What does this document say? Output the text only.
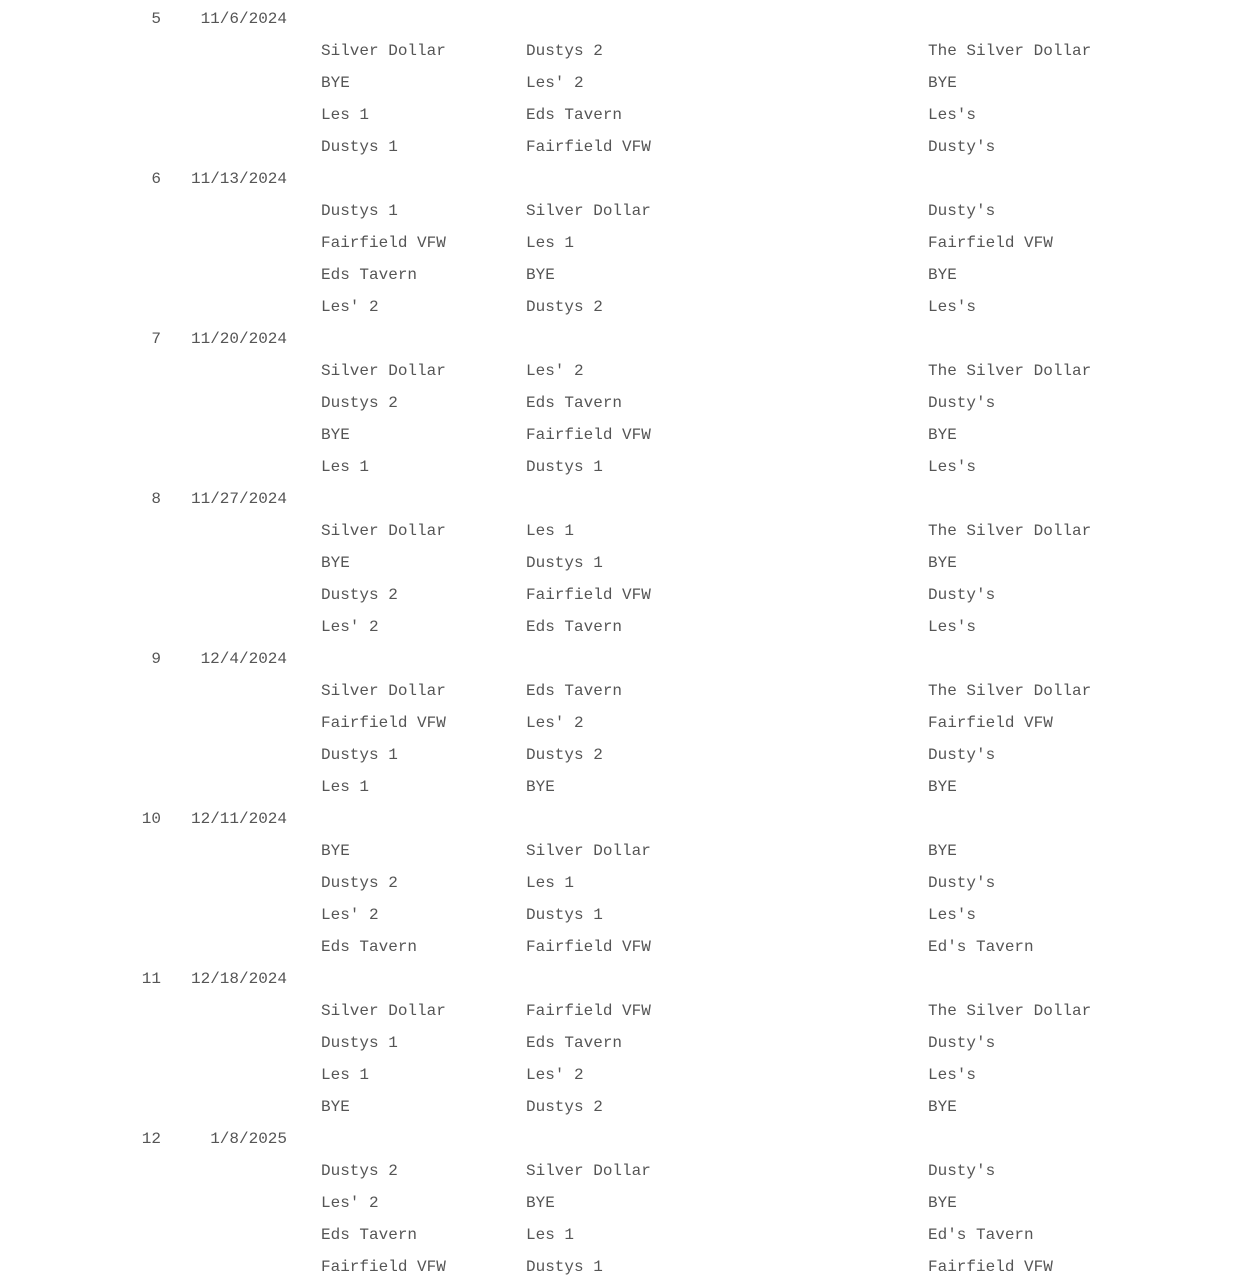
5 11/6/2024
Silver Dollar	Dustys 2	The Silver Dollar
BYE	Les' 2	BYE
Les 1	Eds Tavern	Les's
Dustys 1	Fairfield VFW	Dusty's
6 11/13/2024
Dustys 1	Silver Dollar	Dusty's
Fairfield VFW	Les 1	Fairfield VFW
Eds Tavern	BYE	BYE
Les' 2	Dustys 2	Les's
7 11/20/2024
Silver Dollar	Les' 2	The Silver Dollar
Dustys 2	Eds Tavern	Dusty's
BYE	Fairfield VFW	BYE
Les 1	Dustys 1	Les's
8 11/27/2024
Silver Dollar	Les 1	The Silver Dollar
BYE	Dustys 1	BYE
Dustys 2	Fairfield VFW	Dusty's
Les' 2	Eds Tavern	Les's
9 12/4/2024
Silver Dollar	Eds Tavern	The Silver Dollar
Fairfield VFW	Les' 2	Fairfield VFW
Dustys 1	Dustys 2	Dusty's
Les 1	BYE	BYE
10 12/11/2024
BYE	Silver Dollar	BYE
Dustys 2	Les 1	Dusty's
Les' 2	Dustys 1	Les's
Eds Tavern	Fairfield VFW	Ed's Tavern
11 12/18/2024
Silver Dollar	Fairfield VFW	The Silver Dollar
Dustys 1	Eds Tavern	Dusty's
Les 1	Les' 2	Les's
BYE	Dustys 2	BYE
12	1/8/2025
Dustys 2	Silver Dollar	Dusty's
Les' 2	BYE	BYE
Eds Tavern	Les 1	Ed's Tavern
Fairfield VFW	Dustys 1	Fairfield VFW
